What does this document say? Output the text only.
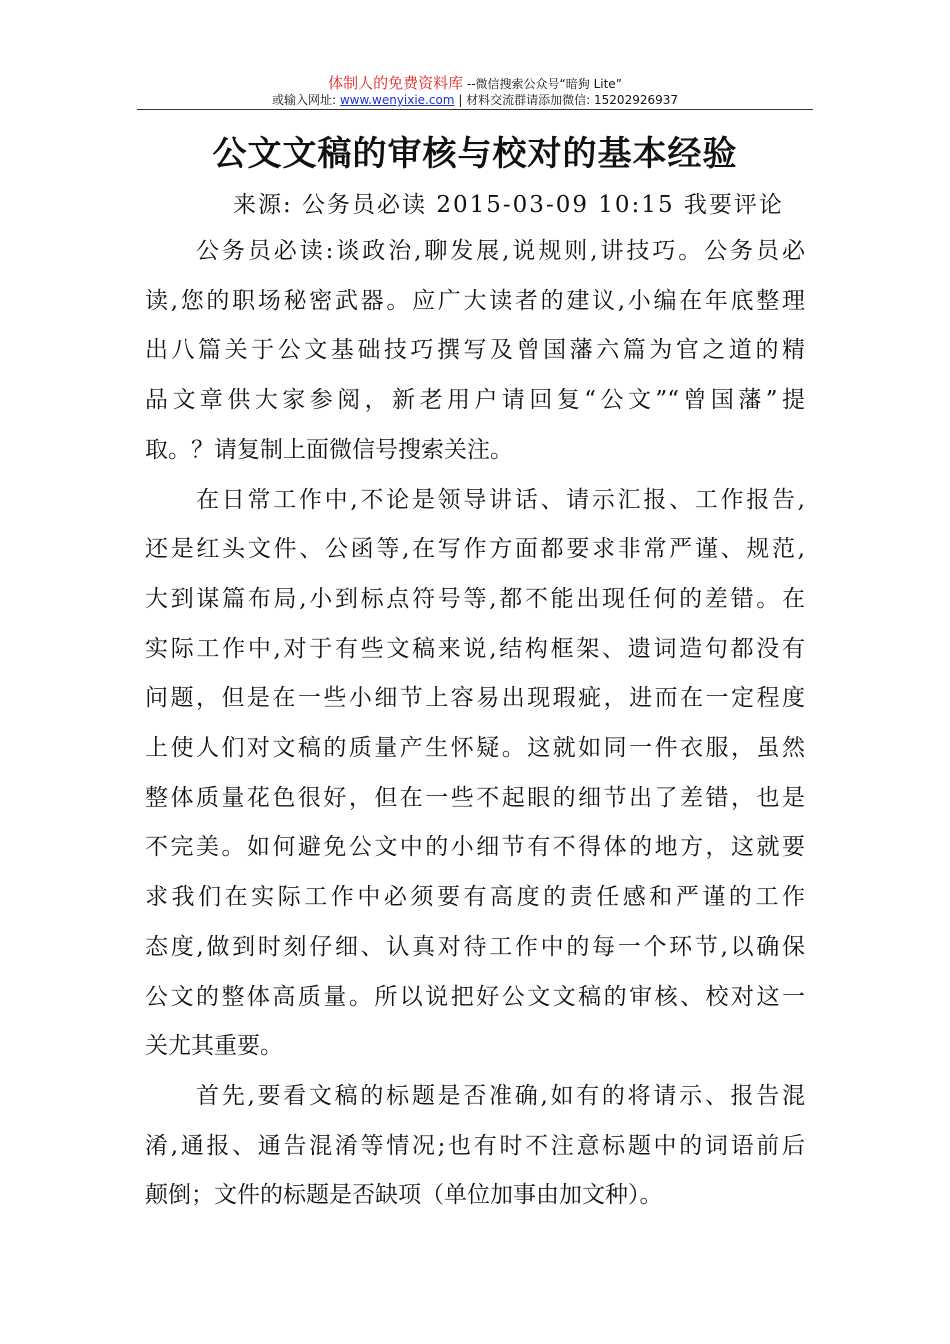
体制人的免费资料库 --微信搜索公众号“暗狗 Lite”
或输入网址: www.wenyixie.com | 材料交流群请添加微信: 15202926937
公文文稿的审核与校对的基本经验
来源: 公务员必读 2015-03-09 10:15 我要评论
公务员必读:谈政治,聊发展,说规则,讲技巧。公务员必
读,您的职场秘密武器。应广大读者的建议,小编在年底整理
出八篇关于公文基础技巧撰写及曾国藩六篇为官之道的精
品文章供大家参阅，新老用户请回复“公文”“曾国藩”提
取。？请复制上面微信号搜索关注。
在日常工作中,不论是领导讲话、请示汇报、工作报告,
还是红头文件、公函等,在写作方面都要求非常严谨、规范,
大到谋篇布局,小到标点符号等,都不能出现任何的差错。在
实际工作中,对于有些文稿来说,结构框架、遗词造句都没有
问题，但是在一些小细节上容易出现瑕疵，进而在一定程度
上使人们对文稿的质量产生怀疑。这就如同一件衣服，虽然
整体质量花色很好，但在一些不起眼的细节出了差错，也是
不完美。如何避免公文中的小细节有不得体的地方，这就要
求我们在实际工作中必须要有高度的责任感和严谨的工作
态度,做到时刻仔细、认真对待工作中的每一个环节,以确保
公文的整体高质量。所以说把好公文文稿的审核、校对这一
关尤其重要。
首先,要看文稿的标题是否准确,如有的将请示、报告混
淆,通报、通告混淆等情况;也有时不注意标题中的词语前后
颠倒；文件的标题是否缺项（单位加事由加文种）。
